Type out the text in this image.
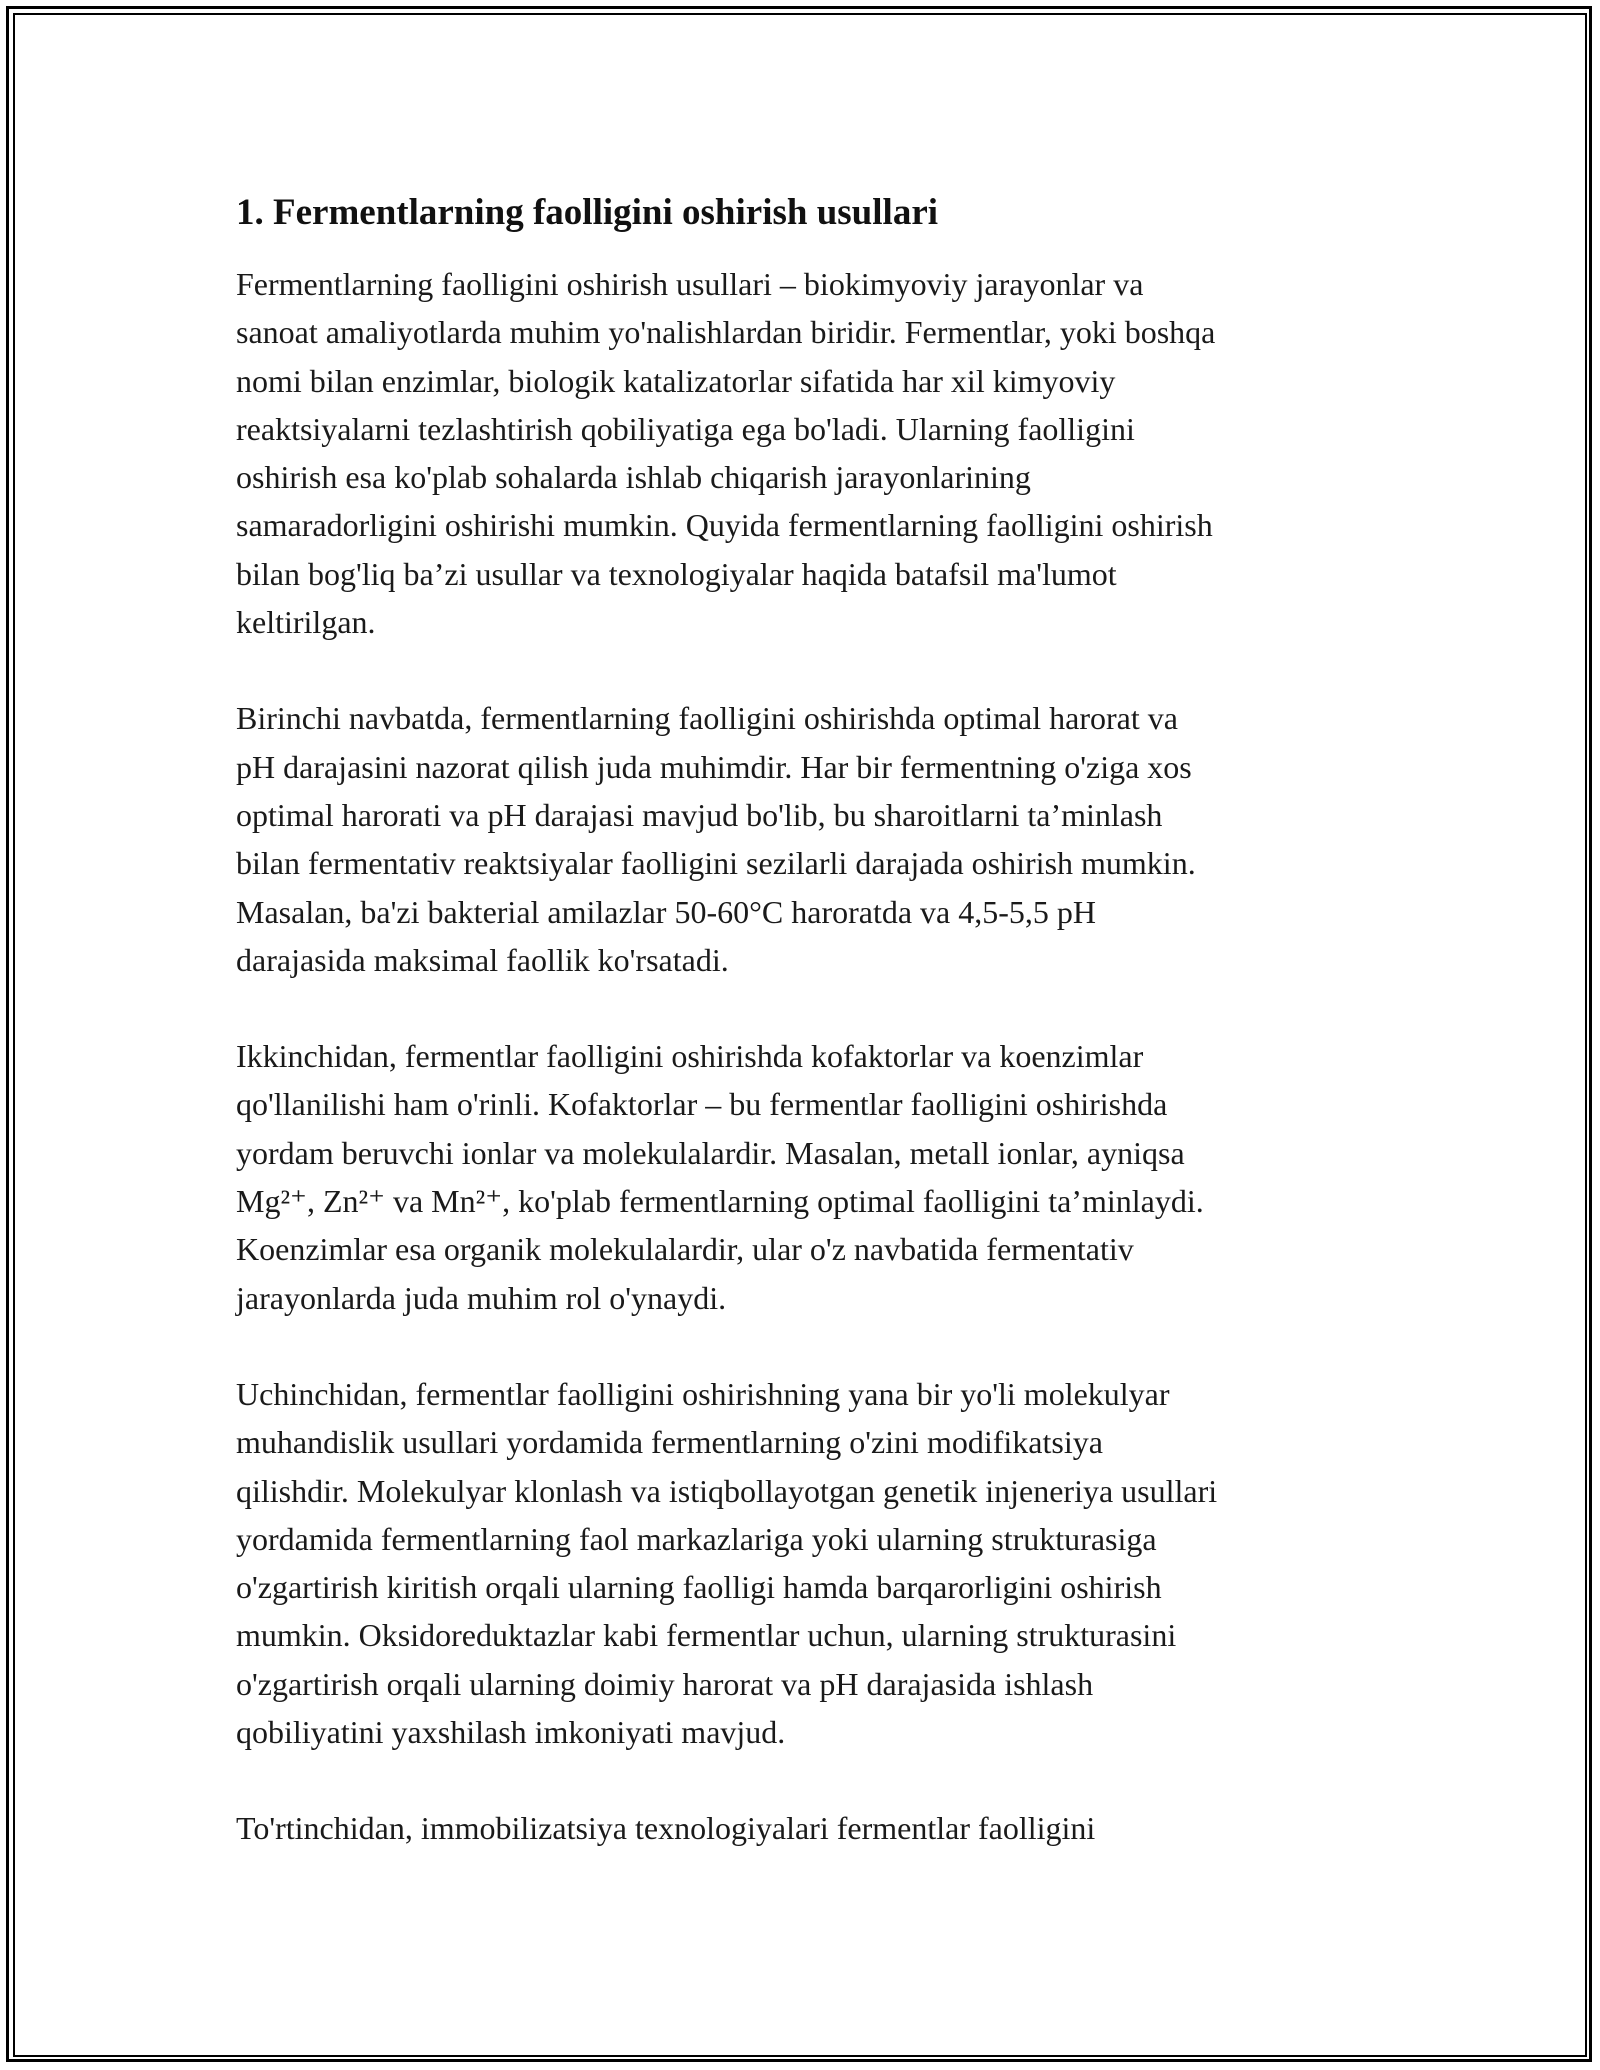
1. Fermentlarning faolligini oshirish usullari

Fermentlarning faolligini oshirish usullari – biokimyoviy jarayonlar va
sanoat amaliyotlarda muhim yo'nalishlardan biridir. Fermentlar, yoki boshqa
nomi bilan enzimlar, biologik katalizatorlar sifatida har xil kimyoviy
reaktsiyalarni tezlashtirish qobiliyatiga ega bo'ladi. Ularning faolligini
oshirish esa ko'plab sohalarda ishlab chiqarish jarayonlarining
samaradorligini oshirishi mumkin. Quyida fermentlarning faolligini oshirish
bilan bog'liq ba’zi usullar va texnologiyalar haqida batafsil ma'lumot
keltirilgan.

Birinchi navbatda, fermentlarning faolligini oshirishda optimal harorat va
pH darajasini nazorat qilish juda muhimdir. Har bir fermentning o'ziga xos
optimal harorati va pH darajasi mavjud bo'lib, bu sharoitlarni ta’minlash
bilan fermentativ reaktsiyalar faolligini sezilarli darajada oshirish mumkin.
Masalan, ba'zi bakterial amilazlar 50-60°C haroratda va 4,5-5,5 pH
darajasida maksimal faollik ko'rsatadi.

Ikkinchidan, fermentlar faolligini oshirishda kofaktorlar va koenzimlar
qo'llanilishi ham o'rinli. Kofaktorlar – bu fermentlar faolligini oshirishda
yordam beruvchi ionlar va molekulalardir. Masalan, metall ionlar, ayniqsa
Mg²⁺, Zn²⁺ va Mn²⁺, ko'plab fermentlarning optimal faolligini ta’minlaydi.
Koenzimlar esa organik molekulalardir, ular o'z navbatida fermentativ
jarayonlarda juda muhim rol o'ynaydi.

Uchinchidan, fermentlar faolligini oshirishning yana bir yo'li molekulyar
muhandislik usullari yordamida fermentlarning o'zini modifikatsiya
qilishdir. Molekulyar klonlash va istiqbollayotgan genetik injeneriya usullari
yordamida fermentlarning faol markazlariga yoki ularning strukturasiga
o'zgartirish kiritish orqali ularning faolligi hamda barqarorligini oshirish
mumkin. Oksidoreduktazlar kabi fermentlar uchun, ularning strukturasini
o'zgartirish orqali ularning doimiy harorat va pH darajasida ishlash
qobiliyatini yaxshilash imkoniyati mavjud.

To'rtinchidan, immobilizatsiya texnologiyalari fermentlar faolligini
